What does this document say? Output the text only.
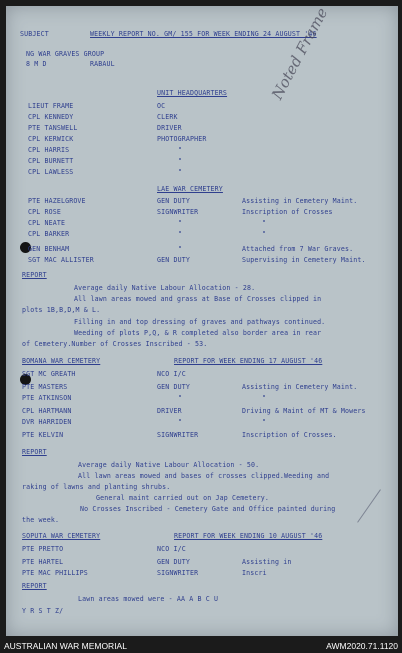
SUBJECT	WEEKLY REPORT NO. GM/ 155 FOR WEEK ENDING 24 AUGUST '46
NG WAR GRAVES GROUP
8 M D	RABAUL
UNIT HEADQUARTERS
LIEUT FRAME	OC
CPL KENNEDY	CLERK
PTE TANSWELL	DRIVER
CPL KERWICK	PHOTOGRAPHER
CPL HARRIS	"
CPL BURNETT	"
CPL LAWLESS	"
Noted Frame
LAE WAR CEMETERY
PTE HAZELGROVE	GEN DUTY	Assisting in Cemetery Maint.
CPL ROSE	SIGNWRITER	Inscription of Crosses
CPL NEATE	"	"
CPL BARKER	"	"
GEN BENHAM	"	Attached from 7 War Graves.
SGT MAC ALLISTER	GEN DUTY	Supervising in Cemetery Maint.
REPORT
Average daily Native Labour Allocation - 28.
All lawn areas mowed and grass at Base of Crosses clipped in
plots 1B,B,D,M & L.
Filling in and top dressing of graves and pathways continued.
Weeding of plots P,Q, & R completed also border area in rear
of Cemetery.Number of Crosses Inscribed - 53.
BOMANA WAR CEMETERY	REPORT FOR WEEK ENDING 17 AUGUST '46
SGT MC GREATH	NCO I/C
PTE MASTERS	GEN DUTY	Assisting in Cemetery Maint.
PTE ATKINSON	"	"
CPL HARTMANN	DRIVER	Driving & Maint of MT & Mowers
DVR HARRIDEN	"	"
PTE KELVIN	SIGNWRITER	Inscription of Crosses.
REPORT
Average daily Native Labour Allocation - 50.
All lawn areas mowed and bases of crosses clipped.Weeding and
raking of lawns and planting shrubs.
General maint carried out on Jap Cemetery.
No Crosses Inscribed - Cemetery Gate and Office painted during
the week.
SOPUTA WAR CEMETERY	REPORT FOR WEEK ENDING 10 AUGUST '46
PTE PRETTO	NCO I/C
PTE HARTEL	GEN DUTY	Assisting in
PTE MAC PHILLIPS	SIGNWRITER	Inscri
REPORT
Lawn areas mowed were - AA A B C U
Y R S T Z/
AUSTRALIAN WAR MEMORIAL	AWM2020.71.1120
